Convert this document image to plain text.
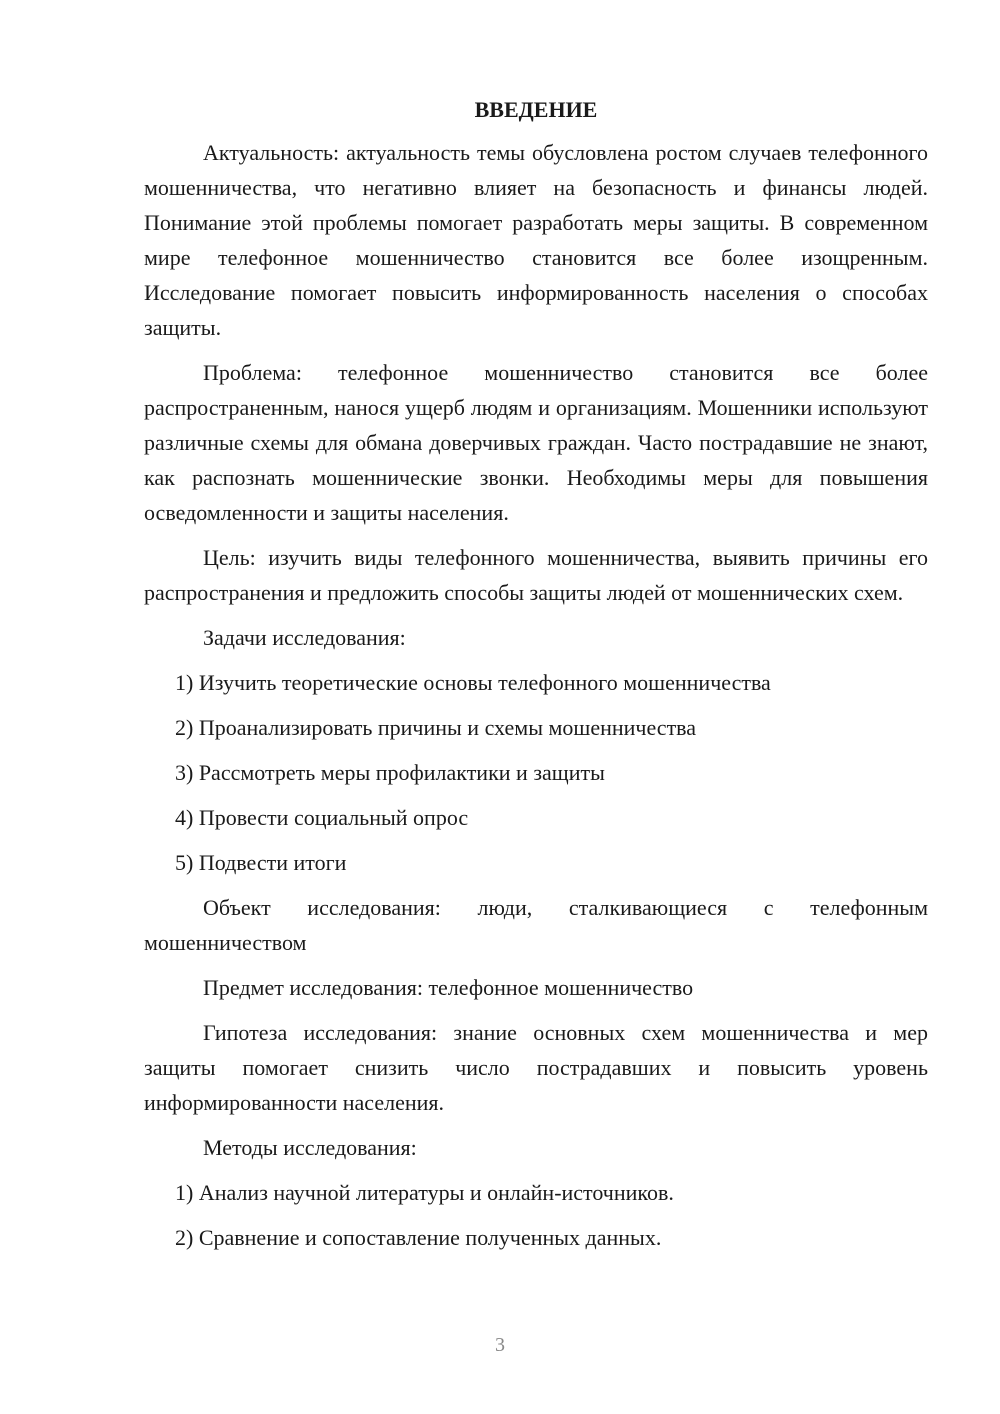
ВВЕДЕНИЕ

Актуальность: актуальность темы обусловлена ростом случаев телефонного мошенничества, что негативно влияет на безопасность и финансы людей. Понимание этой проблемы помогает разработать меры защиты. В современном мире телефонное мошенничество становится все более изощренным. Исследование помогает повысить информированность населения о способах защиты.

Проблема: телефонное мошенничество становится все более распространенным, нанося ущерб людям и организациям. Мошенники используют различные схемы для обмана доверчивых граждан. Часто пострадавшие не знают, как распознать мошеннические звонки. Необходимы меры для повышения осведомленности и защиты населения.

Цель: изучить виды телефонного мошенничества, выявить причины его распространения и предложить способы защиты людей от мошеннических схем.

Задачи исследования:

1) Изучить теоретические основы телефонного мошенничества
2) Проанализировать причины и схемы мошенничества
3) Рассмотреть меры профилактики и защиты
4) Провести социальный опрос
5) Подвести итоги

Объект исследования: люди, сталкивающиеся с телефонным мошенничеством

Предмет исследования: телефонное мошенничество

Гипотеза исследования: знание основных схем мошенничества и мер защиты помогает снизить число пострадавших и повысить уровень информированности населения.

Методы исследования:

1) Анализ научной литературы и онлайн-источников.
2) Сравнение и сопоставление полученных данных.
3
